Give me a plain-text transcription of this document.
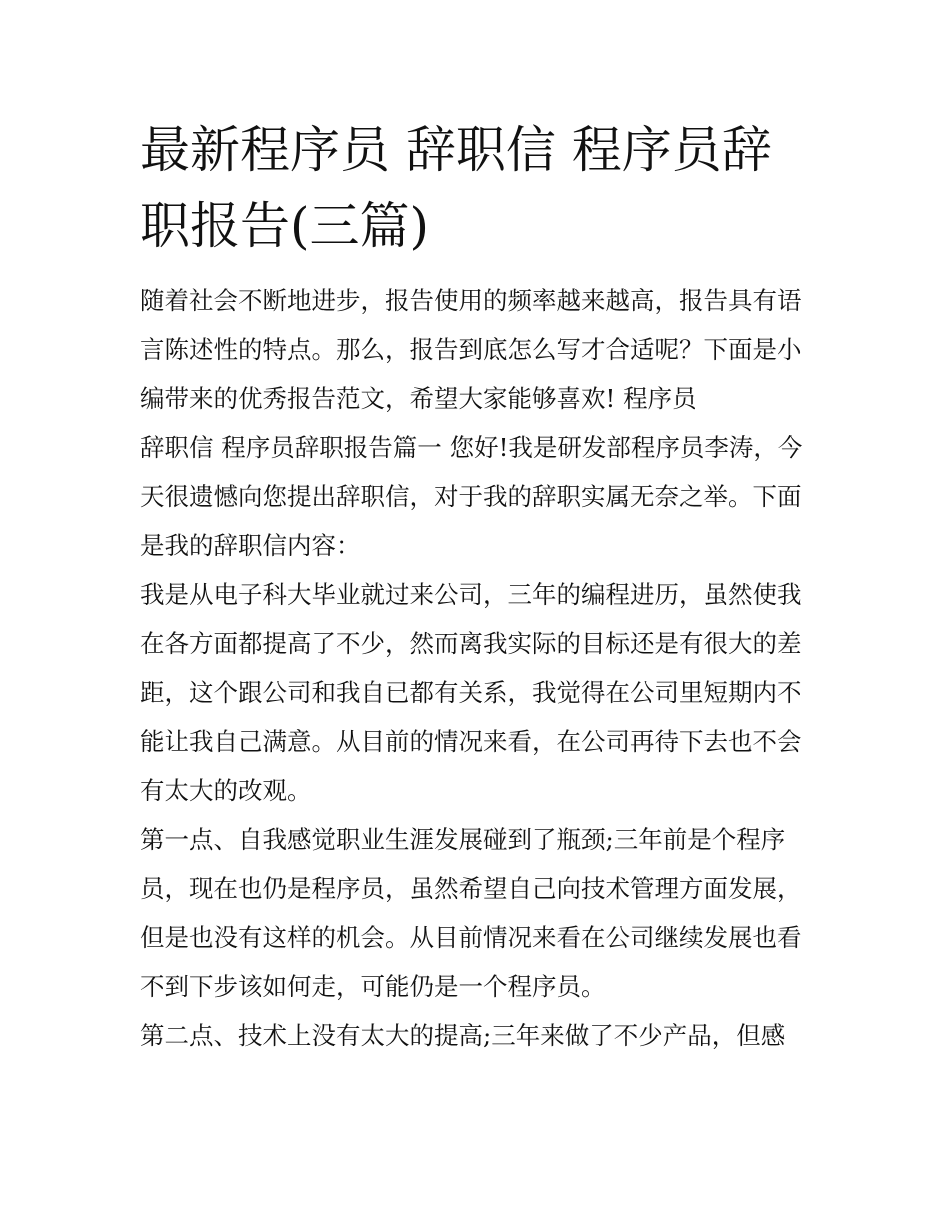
最新程序员 辞职信 程序员辞
职报告(三篇)
随着社会不断地进步，报告使用的频率越来越高，报告具有语
言陈述性的特点。那么，报告到底怎么写才合适呢？下面是小
编带来的优秀报告范文，希望大家能够喜欢! 程序员
辞职信 程序员辞职报告篇一 您好!我是研发部程序员李涛，今
天很遗憾向您提出辞职信，对于我的辞职实属无奈之举。下面
是我的辞职信内容：
我是从电子科大毕业就过来公司，三年的编程进历，虽然使我
在各方面都提高了不少，然而离我实际的目标还是有很大的差
距，这个跟公司和我自已都有关系，我觉得在公司里短期内不
能让我自己满意。从目前的情况来看，在公司再待下去也不会
有太大的改观。
第一点、自我感觉职业生涯发展碰到了瓶颈;三年前是个程序
员，现在也仍是程序员，虽然希望自己向技术管理方面发展，
但是也没有这样的机会。从目前情况来看在公司继续发展也看
不到下步该如何走，可能仍是一个程序员。
第二点、技术上没有太大的提高;三年来做了不少产品，但感
